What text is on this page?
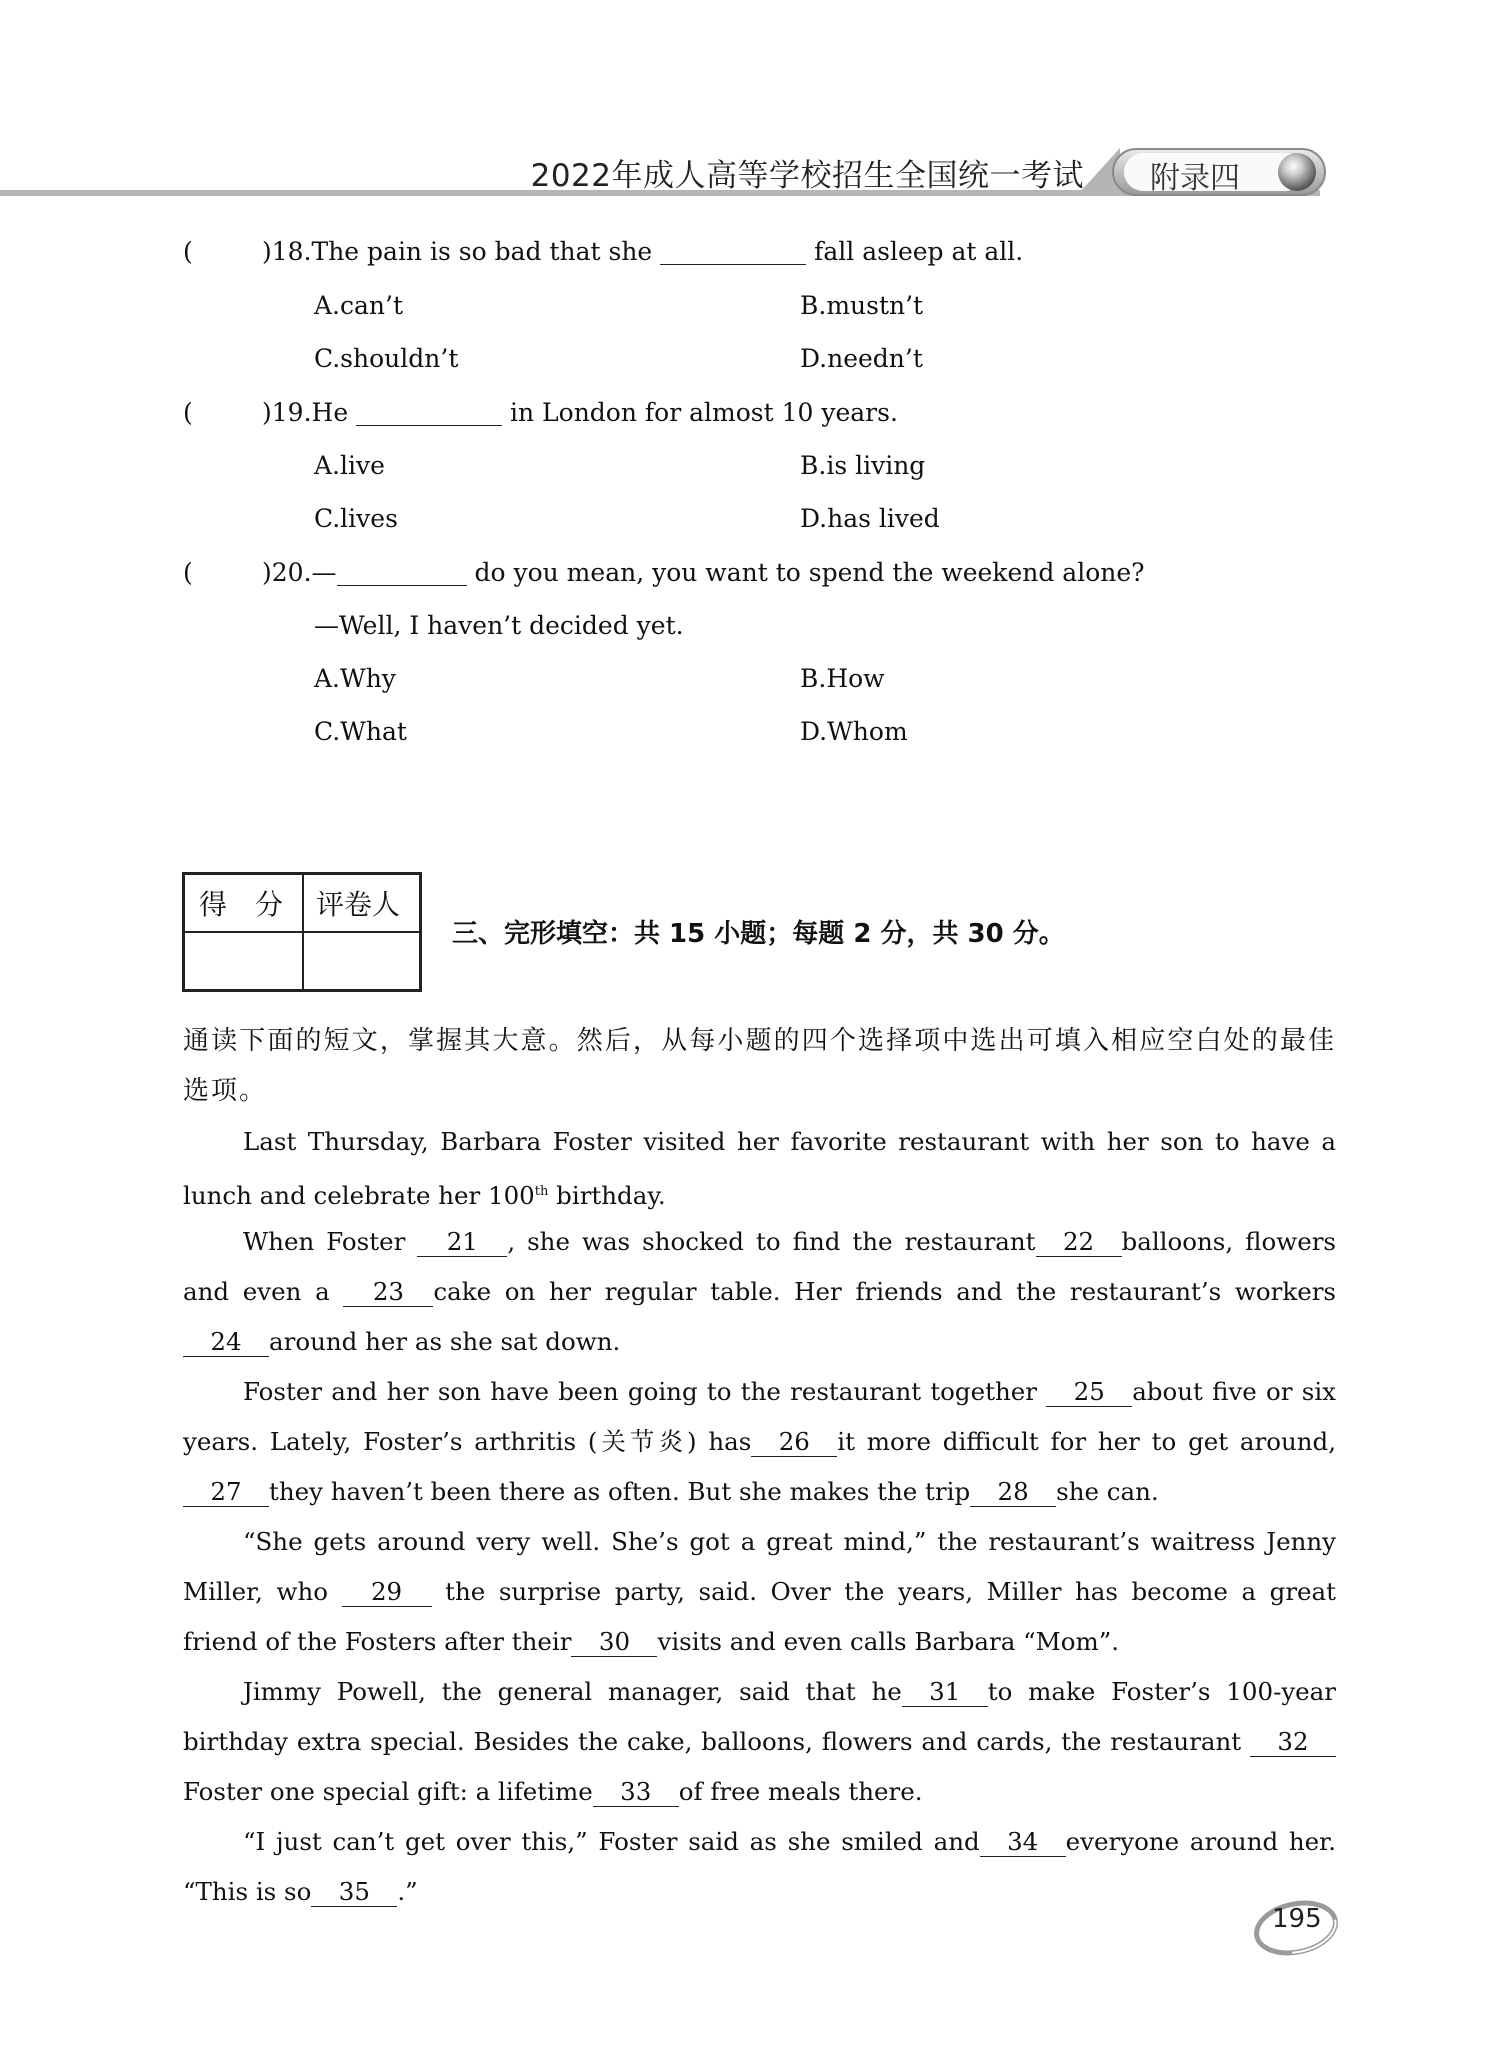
2022年成人高等学校招生全国统一考试 附录四
(	)18.The pain is so bad that she	fall asleep at all.
A.can’t	B.mustn’t
C.shouldn’t	D.needn’t
(	)19.He	in London for almost 10 years.
A.live	B.is living
C.lives	D.has lived
(	)20.—	do you mean, you want to spend the weekend alone?
—Well, I haven’t decided yet.
A.Why	B.How
C.What	D.Whom
得　分	评卷人
三、完形填空：共 15 小题；每题 2 分，共 30 分。
通读下面的短文，掌握其大意。然后，从每小题的四个选择项中选出可填入相应空白处的最佳选项。
Last Thursday, Barbara Foster visited her favorite restaurant with her son to have a lunch and celebrate her 100th birthday.
When Foster 21 , she was shocked to find the restaurant 22 balloons, flowers and even a 23 cake on her regular table. Her friends and the restaurant’s workers 24 around her as she sat down.
Foster and her son have been going to the restaurant together 25 about five or six years. Lately, Foster’s arthritis (关节炎) has 26 it more difficult for her to get around, 27 they haven’t been there as often. But she makes the trip 28 she can.
“She gets around very well. She’s got a great mind,” the restaurant’s waitress Jenny Miller, who 29 the surprise party, said. Over the years, Miller has become a great friend of the Fosters after their 30 visits and even calls Barbara “Mom”.
Jimmy Powell, the general manager, said that he 31 to make Foster’s 100-year birthday extra special. Besides the cake, balloons, flowers and cards, the restaurant 32 Foster one special gift: a lifetime 33 of free meals there.
“I just can’t get over this,” Foster said as she smiled and 34 everyone around her. “This is so 35 .”
195
